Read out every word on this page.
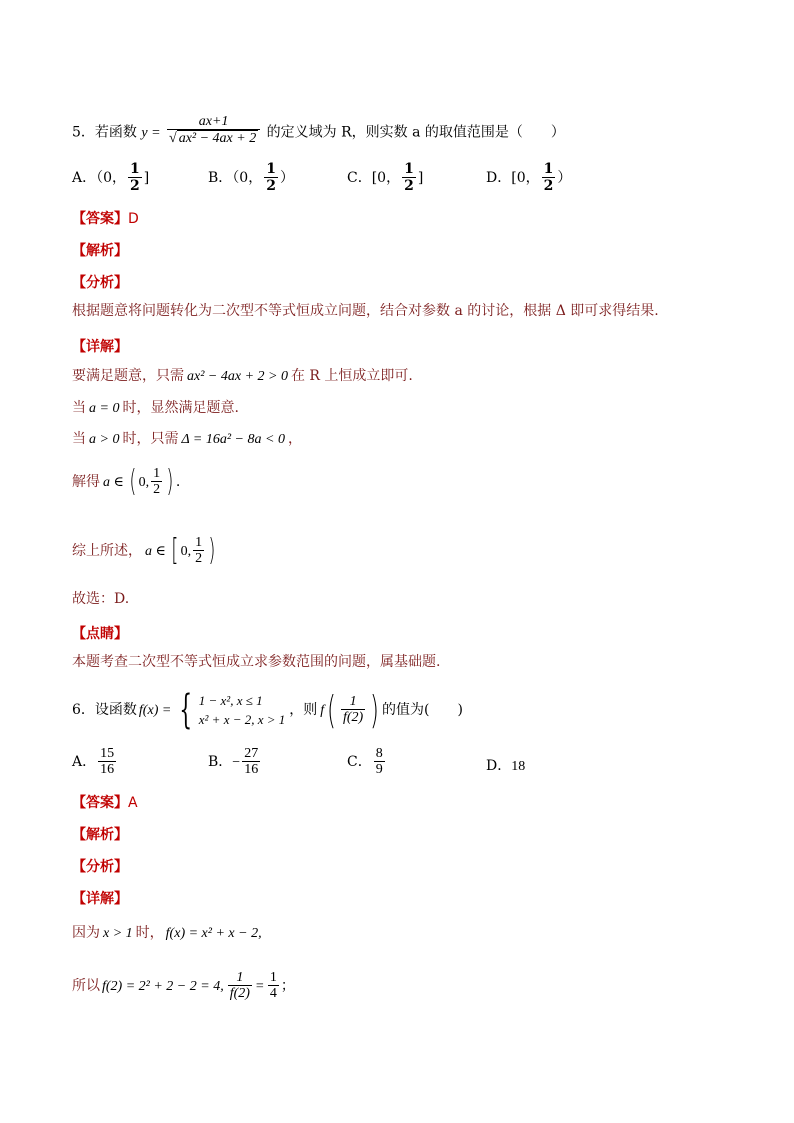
5．若函数 $y = \frac{ax+1}{\text{√ ax² − 4ax + 2}}$ 的定义域为 R，则实数 a 的取值范围是（　　）
A．（0， $\frac{1}{2}$ ]	B．（0， $\frac{1}{2}$ ）	C．[0， $\frac{1}{2}$ ]	D．[0， $\frac{1}{2}$ ）
【答案】D
【解析】
【分析】
根据题意将问题转化为二次型不等式恒成立问题，结合对参数 a 的讨论，根据 Δ 即可求得结果.
【详解】
要满足题意，只需 ax² − 4ax + 2 > 0 在 R 上恒成立即可.
当 a = 0 时，显然满足题意.
当 a > 0 时，只需 Δ = 16a² − 8a < 0 ，
解得 a ∈ ( 0, $\frac{1}{2}$ ) .
综上所述， a ∈ [ 0, $\frac{1}{2}$ )
故选：D.
【点睛】
本题考查二次型不等式恒成立求参数范围的问题，属基础题.
6．设函数 f(x) = { 1 − x², x ≤ 1
x² + x − 2, x > 1
，则 $f( \frac{1}{f(2)}$ ) 的值为(　　)
A． $\frac{15}{16}$	B．− $\frac{27}{16}$	C． $\frac{8}{9}$	D．18
【答案】A
【解析】
【分析】
【详解】
因为 x > 1 时， f(x) = x² + x − 2,
所以 f(2) = 2² + 2 − 2 = 4, $\frac{1}{f(2)} = \frac{1}{4}$ ；
